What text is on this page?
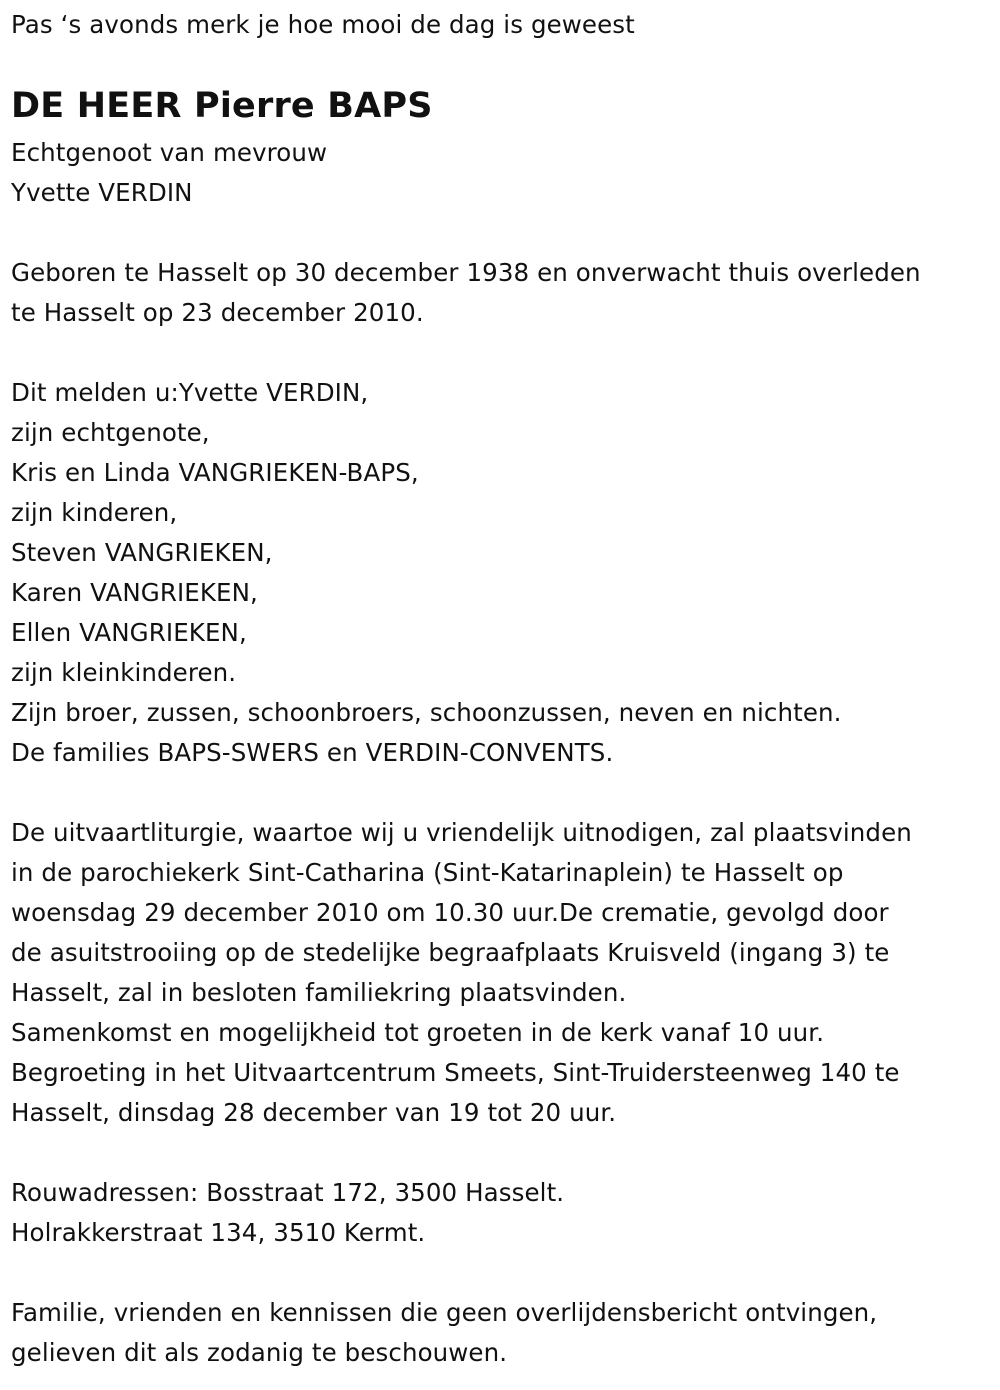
Pas ‘s avonds merk je hoe mooi de dag is geweest
DE HEER Pierre BAPS
Echtgenoot van mevrouw
Yvette VERDIN
Geboren te Hasselt op 30 december 1938 en onverwacht thuis overleden
te Hasselt op 23 december 2010.
Dit melden u:Yvette VERDIN,
zijn echtgenote,
Kris en Linda VANGRIEKEN-BAPS,
zijn kinderen,
Steven VANGRIEKEN,
Karen VANGRIEKEN,
Ellen VANGRIEKEN,
zijn kleinkinderen.
Zijn broer, zussen, schoonbroers, schoonzussen, neven en nichten.
De families BAPS-SWERS en VERDIN-CONVENTS.
De uitvaartliturgie, waartoe wij u vriendelijk uitnodigen, zal plaatsvinden
in de parochiekerk Sint-Catharina (Sint-Katarinaplein) te Hasselt op
woensdag 29 december 2010 om 10.30 uur.De crematie, gevolgd door
de asuitstrooiing op de stedelijke begraafplaats Kruisveld (ingang 3) te
Hasselt, zal in besloten familiekring plaatsvinden.
Samenkomst en mogelijkheid tot groeten in de kerk vanaf 10 uur.
Begroeting in het Uitvaartcentrum Smeets, Sint-Truidersteenweg 140 te
Hasselt, dinsdag 28 december van 19 tot 20 uur.
Rouwadressen: Bosstraat 172, 3500 Hasselt.
Holrakkerstraat 134, 3510 Kermt.
Familie, vrienden en kennissen die geen overlijdensbericht ontvingen,
gelieven dit als zodanig te beschouwen.
